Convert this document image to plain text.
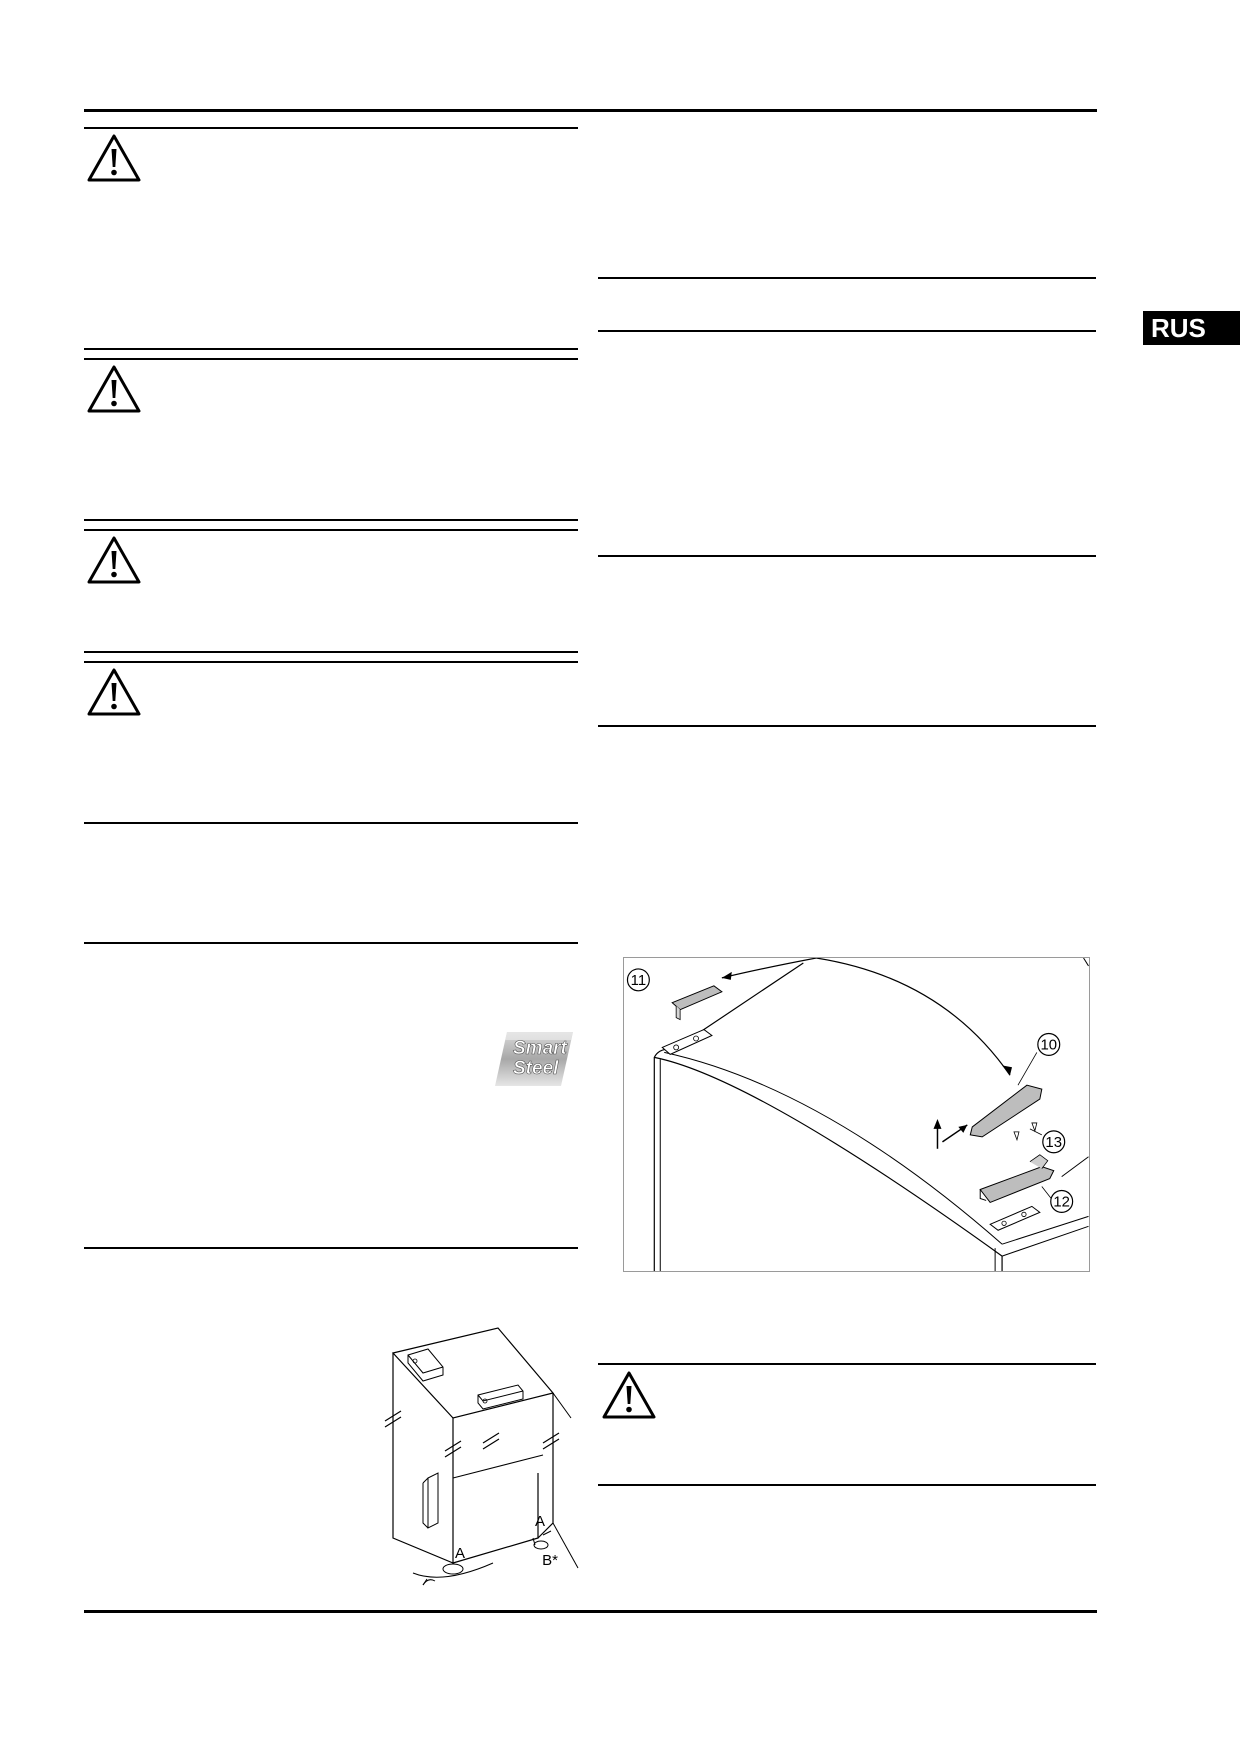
RUS
Smart
Steel
11
10
13
12
A
A
B*
